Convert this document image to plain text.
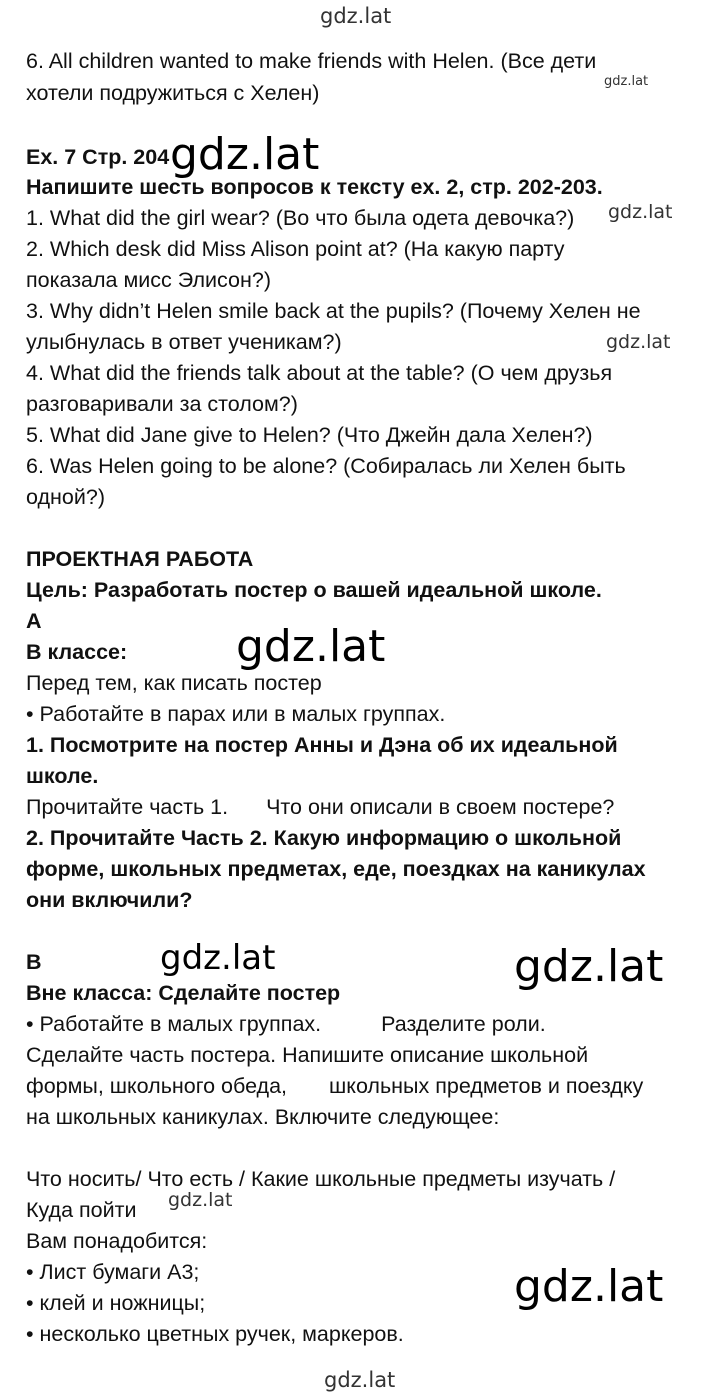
gdz.lat
gdz.lat
gdz.lat
gdz.lat
gdz.lat
gdz.lat
gdz.lat	gdz.lat
gdz.lat
gdz.lat
gdz.lat

6. All children wanted to make friends with Helen. (Все дети

хотели подружиться с Хелен)

Ex. 7 Стр. 204

Напишите шесть вопросов к тексту ex. 2, стр. 202-203.

1. What did the girl wear? (Во что была одета девочка?)

2. Which desk did Miss Alison point at? (На какую парту

показала мисс Элисон?)

3. Why didn’t Helen smile back at the pupils? (Почему Хелен не

улыбнулась в ответ ученикам?)

4. What did the friends talk about at the table? (О чем друзья

разговаривали за столом?)

5. What did Jane give to Helen? (Что Джейн дала Хелен?)

6. Was Helen going to be alone? (Собиралась ли Хелен быть

одной?)

ПРОЕКТНАЯ РАБОТА

Цель: Разработать постер о вашей идеальной школе.

A

В классе:

Перед тем, как писать постер

• Работайте в парах или в малых группах.

1. Посмотрите на постер Анны и Дэна об их идеальной

школе.

Прочитайте часть 1. Что они описали в своем постере?

2. Прочитайте Часть 2. Какую информацию о школьной

форме, школьных предметах, еде, поездках на каникулах

они включили?

B

Вне класса: Сделайте постер

• Работайте в малых группах.	Разделите роли.

Сделайте часть постера. Напишите описание школьной

формы, школьного обеда, школьных предметов и поездку

на школьных каникулах. Включите следующее:

Что носить/ Что есть / Какие школьные предметы изучать /

Куда пойти

Вам понадобится:

• Лист бумаги А3;

• клей и ножницы;

• несколько цветных ручек, маркеров.
